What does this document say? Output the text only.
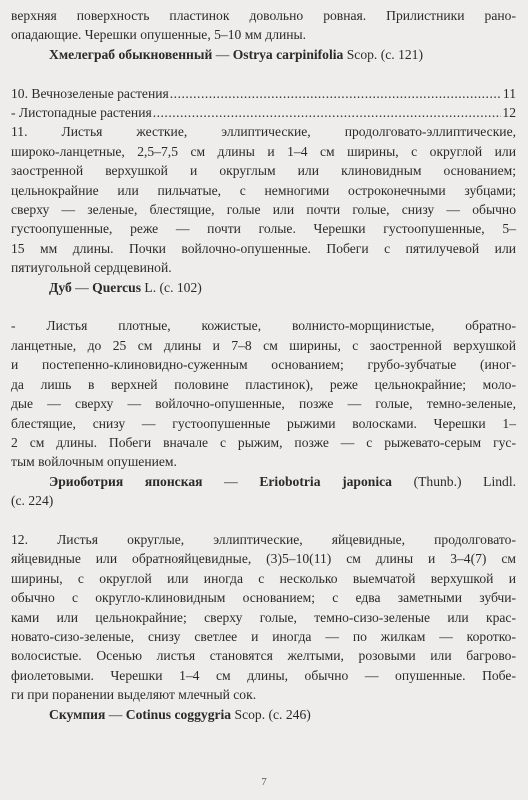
верхняя поверхность пластинок довольно ровная. Прилистники рано-
опадающие. Черешки опушенные, 5–10 мм длины.
Хмелеграб обыкновенный — Ostrya carpinifolia Scop. (с. 121)
10. Вечнозеленые растения .....	11
- Листопадные растения .....	12
11. Листья жесткие, эллиптические, продолговато-эллиптические,
широко-ланцетные, 2,5–7,5 см длины и 1–4 см ширины, с округлой или
заостренной верхушкой и округлым или клиновидным основанием;
цельнокрайние или пильчатые, с немногими остроконечными зубцами;
сверху — зеленые, блестящие, голые или почти голые, снизу — обычно
густоопушенные, реже — почти голые. Черешки густоопушенные, 5–
15 мм длины. Почки войлочно-опушенные. Побеги с пятилучевой или
пятиугольной сердцевиной.
Дуб — Quercus L. (с. 102)
- Листья плотные, кожистые, волнисто-морщинистые, обратно-
ланцетные, до 25 см длины и 7–8 см ширины, с заостренной верхушкой
и постепенно-клиновидно-суженным основанием; грубо-зубчатые (иног-
да лишь в верхней половине пластинок), реже цельнокрайние; моло-
дые — сверху — войлочно-опушенные, позже — голые, темно-зеленые,
блестящие, снизу — густоопушенные рыжими волосками. Черешки 1–
2 см длины. Побеги вначале с рыжим, позже — с рыжевато-серым гус-
тым войлочным опушением.
Эриоботрия японская — Eriobotria japonica (Thunb.) Lindl.
(с. 224)
12. Листья округлые, эллиптические, яйцевидные, продолговато-
яйцевидные или обратнояйцевидные, (3)5–10(11) см длины и 3–4(7) см
ширины, с округлой или иногда с несколько выемчатой верхушкой и
обычно с округло-клиновидным основанием; с едва заметными зубчи-
ками или цельнокрайние; сверху голые, темно-сизо-зеленые или крас-
новато-сизо-зеленые, снизу светлее и иногда — по жилкам — коротко-
волосистые. Осенью листья становятся желтыми, розовыми или багрово-
фиолетовыми. Черешки 1–4 см длины, обычно — опушенные. Побе-
ги при поранении выделяют млечный сок.
Скумпия — Cotinus coggygria Scop. (с. 246)
7
